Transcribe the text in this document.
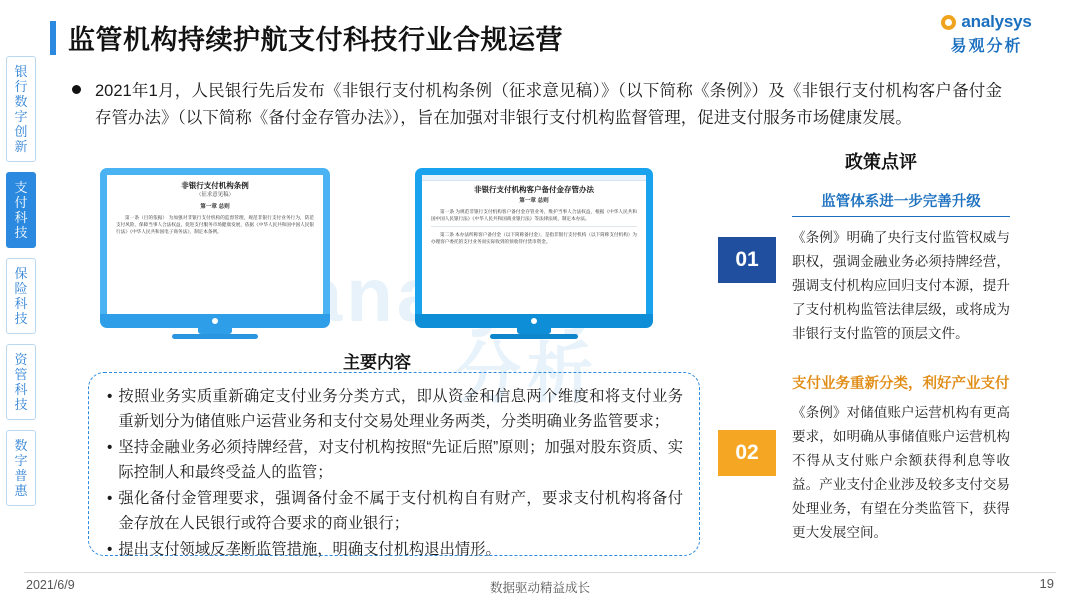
银行数字创新
支付科技
保险科技
资管科技
数字普惠
监管机构持续护航支付科技行业合规运营
analysys
易观分析
2021年1月，人民银行先后发布《非银行支付机构条例（征求意见稿）》（以下简称《条例》）及《非银行支付机构客户备付金存管办法》（以下简称《备付金存管办法》），旨在加强对非银行支付机构监督管理，促进支付服务市场健康发展。
分析
非银行支付机构条例
（征求意见稿）
第一章 总则
第一条（目的依据） 为加强对非银行支付机构的监督管理，规范非银行支付业务行为，防范支付风险，保障当事人合法权益，促进支付服务市场健康发展，依据《中华人民共和国中国人民银行法》《中华人民共和国电子商务法》，制定本条例。
非银行支付机构客户备付金存管办法
第一章 总则
第一条 为规范非银行支付机构客户备付金存管业务，维护当事人合法权益，根据《中华人民共和国中国人民银行法》《中华人民共和国商业银行法》等法律法规，制定本办法。
第二条 本办法所称客户备付金（以下简称备付金），是指非银行支付机构（以下简称支付机构）为办理客户委托的支付业务而实际收到的预收待付货币资金。
主要内容
• 按照业务实质重新确定支付业务分类方式，即从资金和信息两个维度和将支付业务重新划分为储值账户运营业务和支付交易处理业务两类，分类明确业务监管要求；
• 坚持金融业务必须持牌经营，对支付机构按照“先证后照”原则；加强对股东资质、实际控制人和最终受益人的监管；
• 强化备付金管理要求，强调备付金不属于支付机构自有财产，要求支付机构将备付金存放在人民银行或符合要求的商业银行；
• 提出支付领域反垄断监管措施，明确支付机构退出情形。
01
02
政策点评
监管体系进一步完善升级
《条例》明确了央行支付监管权威与职权，强调金融业务必须持牌经营，强调支付机构应回归支付本源，提升了支付机构监管法律层级，或将成为非银行支付监管的顶层文件。
支付业务重新分类，利好产业支付
《条例》对储值账户运营机构有更高要求，如明确从事储值账户运营机构不得从支付账户余额获得利息等收益。产业支付企业涉及较多支付交易处理业务，有望在分类监管下，获得更大发展空间。
2021/6/9	数据驱动精益成长	19
